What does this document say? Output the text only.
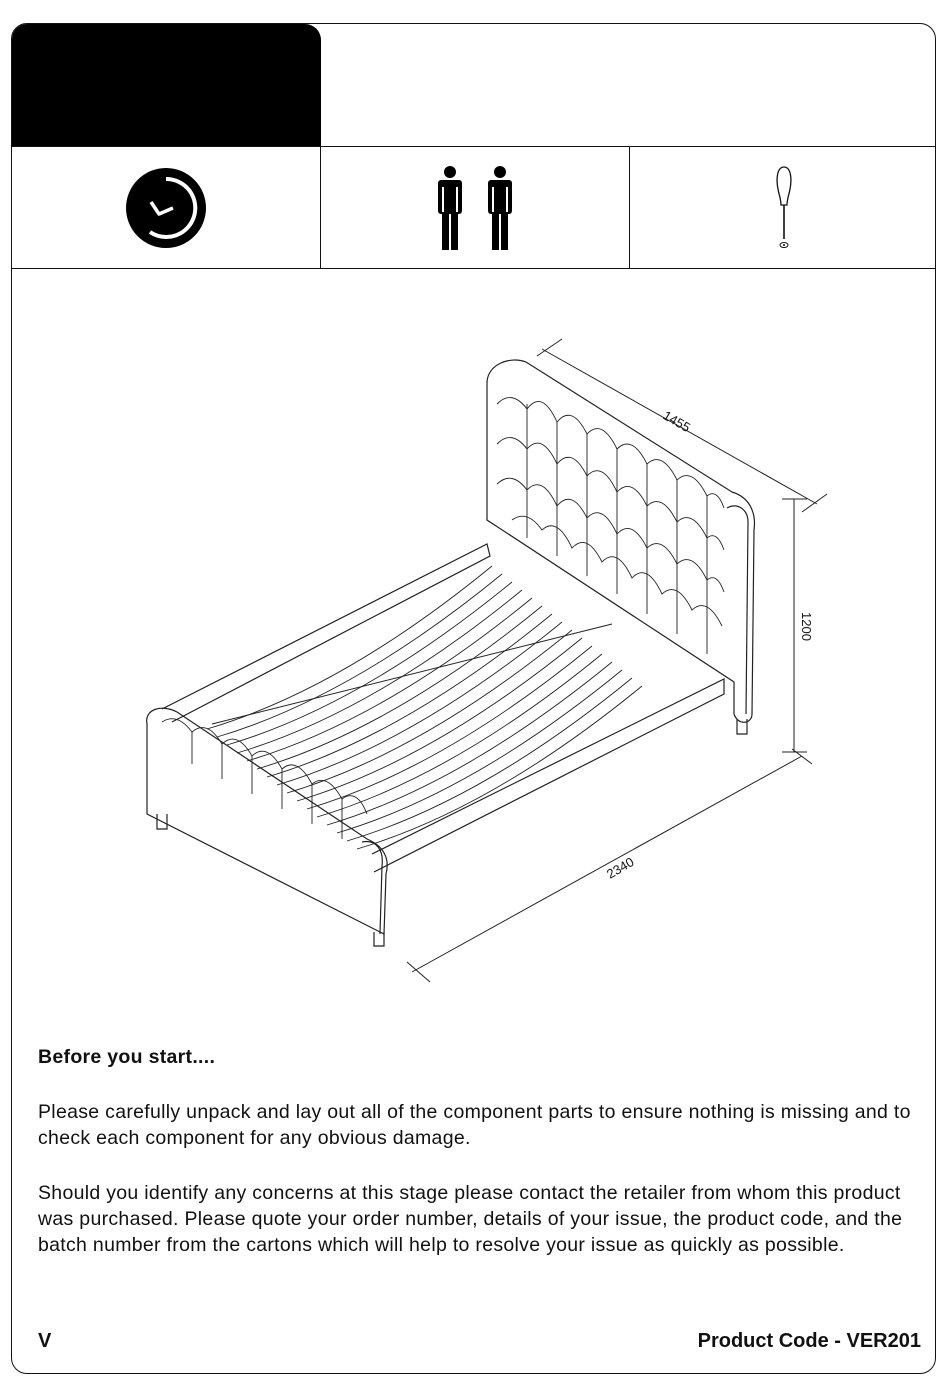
1455
1200
2340
Before you start....
Please carefully unpack and lay out all of the component parts to ensure nothing is missing and to check each component for any obvious damage.
Should you identify any concerns at this stage please contact the retailer from whom this product was purchased. Please quote your order number, details of your issue, the product code, and the batch number from the cartons which will help to resolve your issue as quickly as possible.
V	Product Code - VER201
